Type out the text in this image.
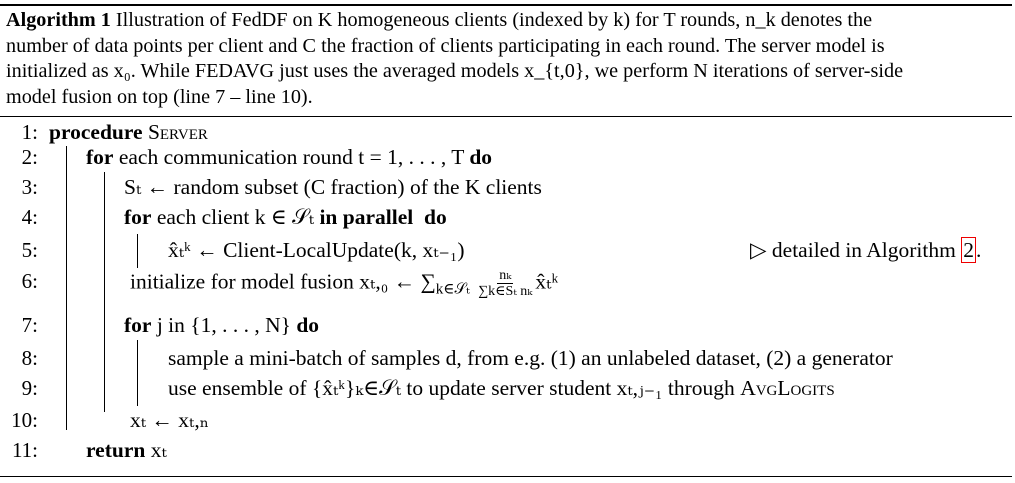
Algorithm 1 Illustration of FedDF on K homogeneous clients (indexed by k) for T rounds, n_k denotes the
number of data points per client and C the fraction of clients participating in each round. The server model is
initialized as x₀. While FEDAVG just uses the averaged models x_{t,0}, we perform N iterations of server-side
model fusion on top (line 7 – line 10).
1:
2:
3:
4:
5:
6:
7:
8:
9:
10:
11:
procedure Server
for each communication round t = 1, . . . , T do
Sₜ ← random subset (C fraction) of the K clients
for each client k ∈ 𝒮ₜ in parallel do
x̂ₜᵏ ← Client-LocalUpdate(k, xₜ₋₁)	▷ detailed in Algorithm 2.
initialize for model fusion xₜ,₀ ← $\sum_{k\in 𝒮_t} \frac{\text{nₖ}}{\text{∑k∈Sₜ nₖ}}$ x̂ₜᵏ
for j in {1, . . . , N} do
sample a mini-batch of samples d, from e.g. (1) an unlabeled dataset, (2) a generator
use ensemble of {x̂ₜᵏ}ₖ∈𝒮ₜ to update server student xₜ,ⱼ₋₁ through AvgLogits
xₜ ← xₜ,ₙ
return xₜ
